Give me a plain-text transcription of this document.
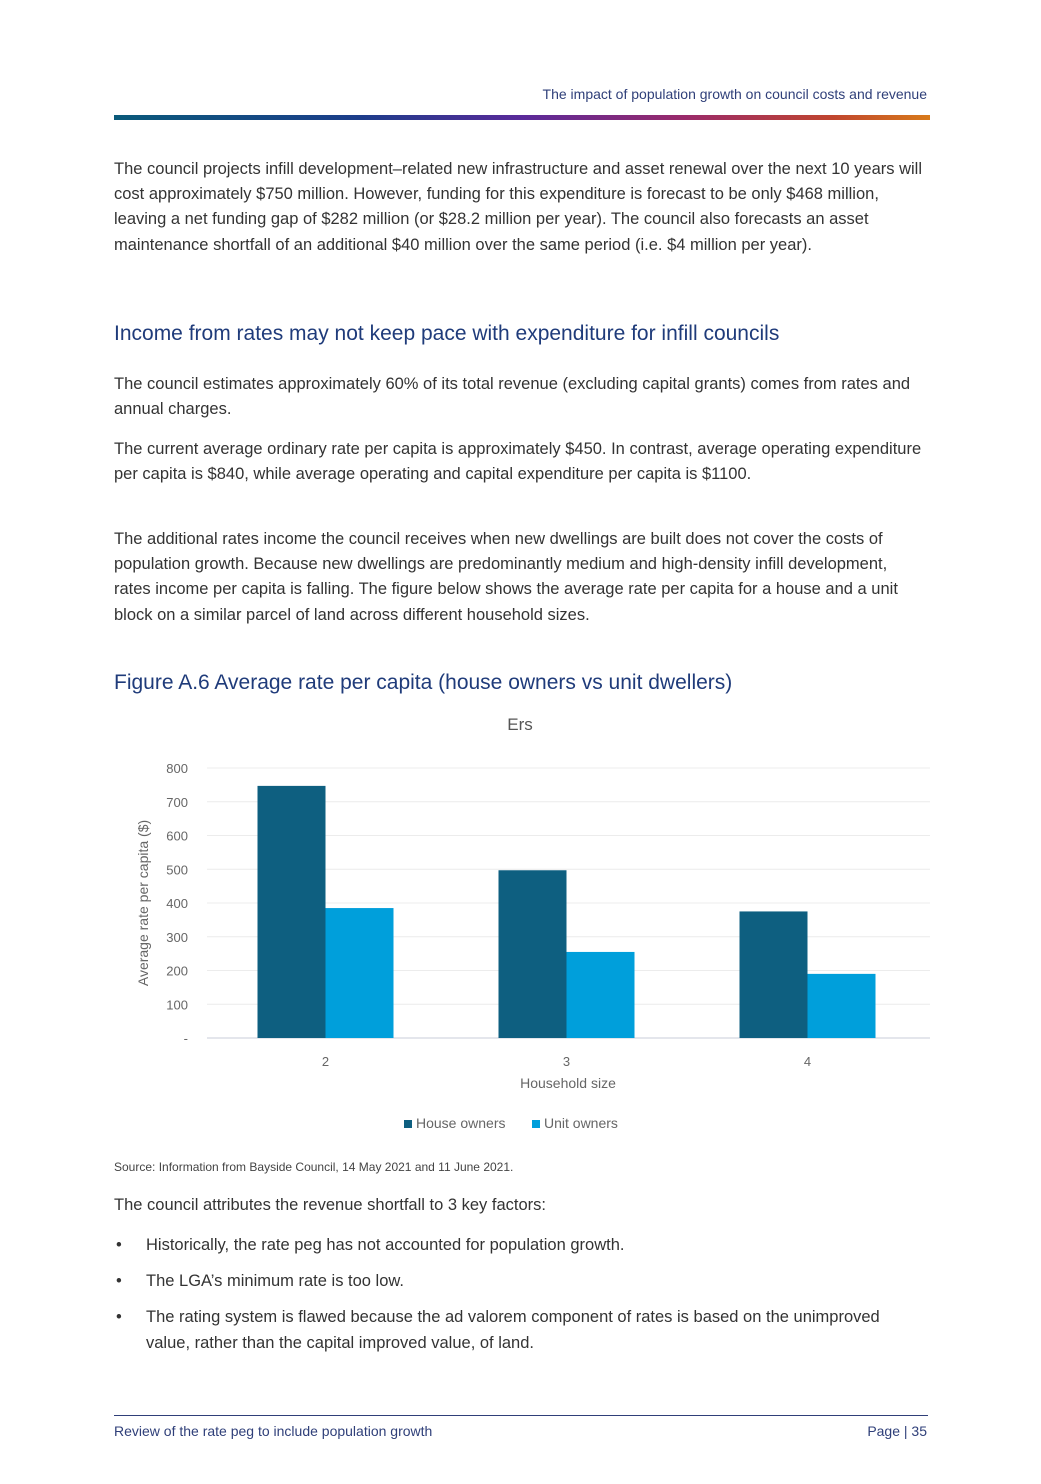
The impact of population growth on council costs and revenue

The council projects infill development–related new infrastructure and asset renewal over the next 10 years will cost approximately $750 million. However, funding for this expenditure is forecast to be only $468 million, leaving a net funding gap of $282 million (or $28.2 million per year). The council also forecasts an asset maintenance shortfall of an additional $40 million over the same period (i.e. $4 million per year).

Income from rates may not keep pace with expenditure for infill councils

The council estimates approximately 60% of its total revenue (excluding capital grants) comes from rates and annual charges.

The current average ordinary rate per capita is approximately $450. In contrast, average operating expenditure per capita is $840, while average operating and capital expenditure per capita is $1100.

The additional rates income the council receives when new dwellings are built does not cover the costs of population growth. Because new dwellings are predominantly medium and high-density infill development, rates income per capita is falling. The figure below shows the average rate per capita for a house and a unit block on a similar parcel of land across different household sizes.

Figure A.6 Average rate per capita (house owners vs unit dwellers)
Ers
-
100
200
300
400
500
600
700
800
Average rate per capita ($)
2	3	4
Household size
House owners	Unit owners
Source: Information from Bayside Council, 14 May 2021 and 11 June 2021.

The council attributes the revenue shortfall to 3 key factors:

• Historically, the rate peg has not accounted for population growth.
• The LGA’s minimum rate is too low.
• The rating system is flawed because the ad valorem component of rates is based on the unimproved value, rather than the capital improved value, of land.
Review of the rate peg to include population growth	Page | 35
